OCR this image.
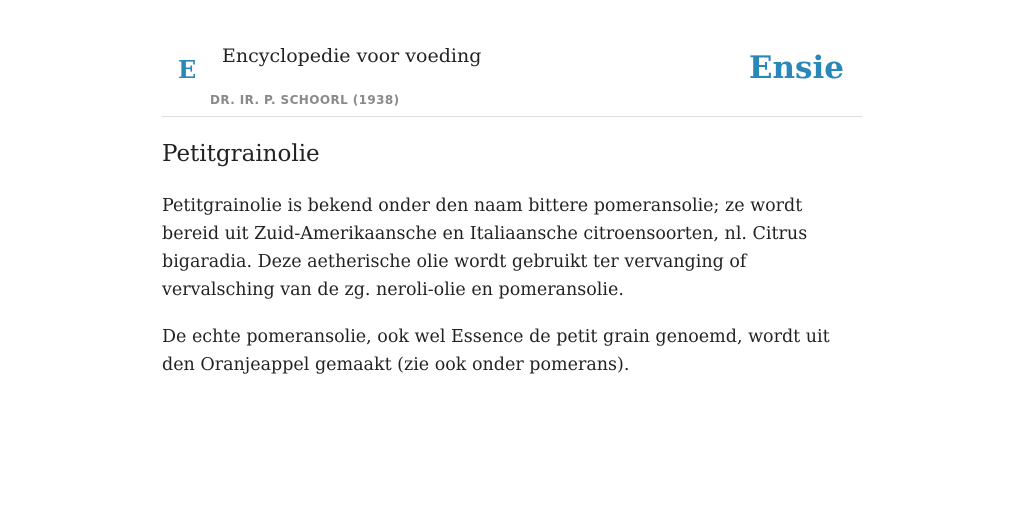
E Encyclopedie voor voeding
DR. IR. P. SCHOORL (1938)
Ensie
Petitgrainolie

Petitgrainolie is bekend onder den naam bittere pomeransolie; ze wordt bereid uit Zuid-Amerikaansche en Italiaansche citroensoorten, nl. Citrus bigaradia. Deze aetherische olie wordt gebruikt ter vervanging of vervalsching van de zg. neroli-olie en pomeransolie.

De echte pomeransolie, ook wel Essence de petit grain genoemd, wordt uit den Oranjeappel gemaakt (zie ook onder pomerans).
